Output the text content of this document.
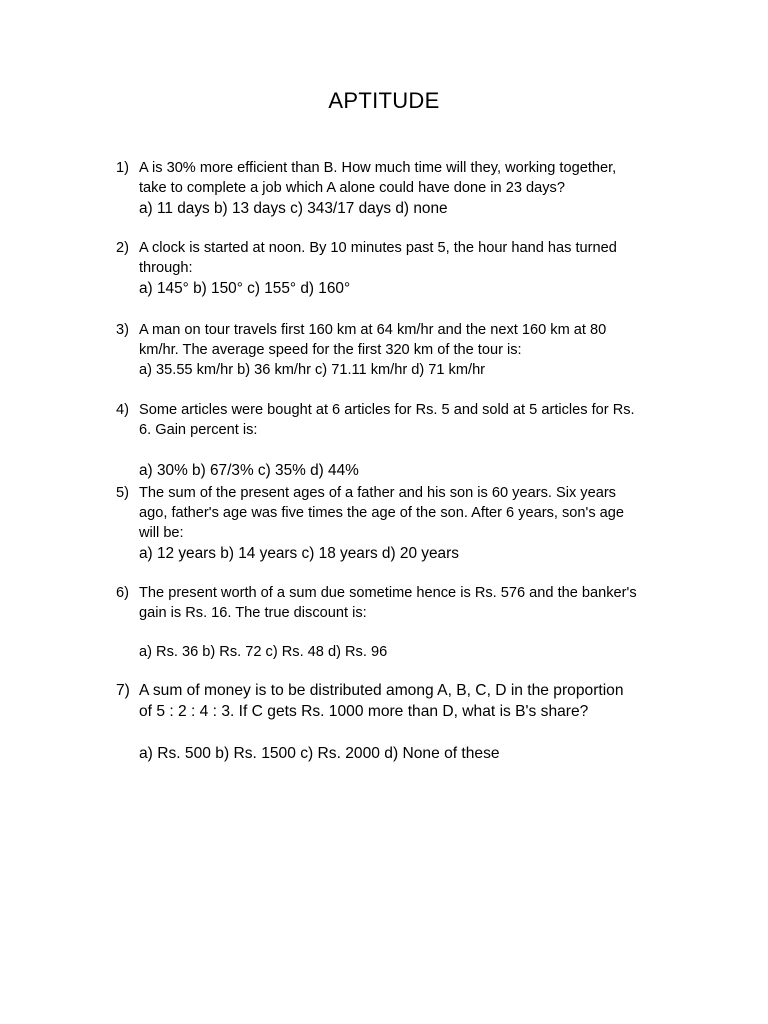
APTITUDE
1) A is 30% more efficient than B. How much time will they, working together,
take to complete a job which A alone could have done in 23 days?
a) 11 days b) 13 days c) 343/17 days d) none
2) A clock is started at noon. By 10 minutes past 5, the hour hand has turned
through:
a) 145° b) 150° c) 155° d) 160°
3) A man on tour travels first 160 km at 64 km/hr and the next 160 km at 80
km/hr. The average speed for the first 320 km of the tour is:
a) 35.55 km/hr b) 36 km/hr c) 71.11 km/hr d) 71 km/hr
4) Some articles were bought at 6 articles for Rs. 5 and sold at 5 articles for Rs.
6. Gain percent is:
a) 30% b) 67/3% c) 35% d) 44%
5) The sum of the present ages of a father and his son is 60 years. Six years
ago, father's age was five times the age of the son. After 6 years, son's age
will be:
a) 12 years b) 14 years c) 18 years d) 20 years
6) The present worth of a sum due sometime hence is Rs. 576 and the banker's
gain is Rs. 16. The true discount is:
a) Rs. 36 b) Rs. 72 c) Rs. 48 d) Rs. 96
7) A sum of money is to be distributed among A, B, C, D in the proportion
of 5 : 2 : 4 : 3. If C gets Rs. 1000 more than D, what is B's share?
a) Rs. 500 b) Rs. 1500 c) Rs. 2000 d) None of these
